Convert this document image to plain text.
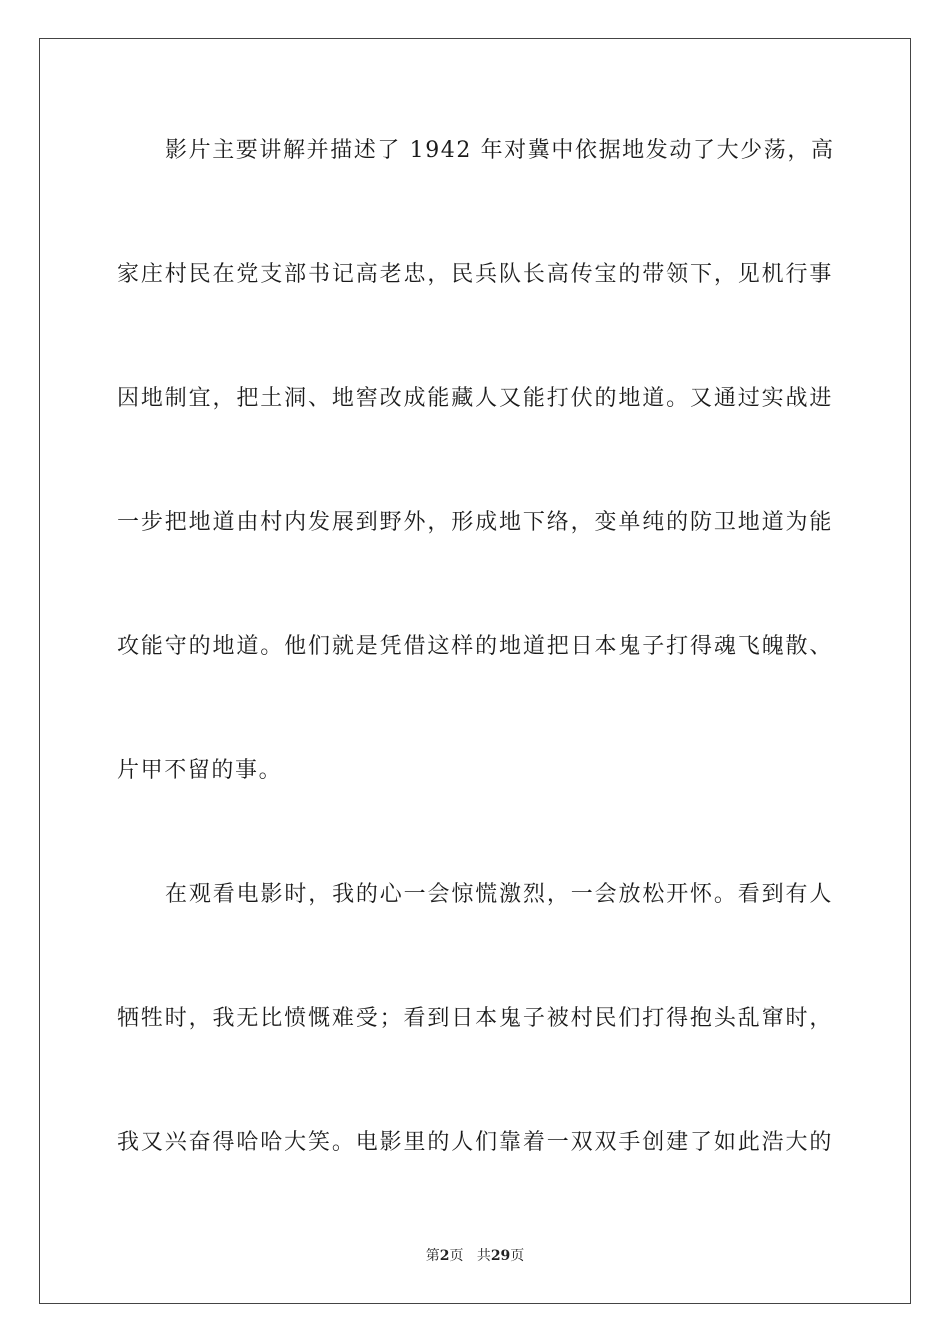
影片主要讲解并描述了 1942 年对冀中依据地发动了大少荡，高
家庄村民在党支部书记高老忠，民兵队长高传宝的带领下，见机行事
因地制宜，把土洞、地窖改成能藏人又能打伏的地道。又通过实战进
一步把地道由村内发展到野外，形成地下络，变单纯的防卫地道为能
攻能守的地道。他们就是凭借这样的地道把日本鬼子打得魂飞魄散、
片甲不留的事。
在观看电影时，我的心一会惊慌激烈，一会放松开怀。看到有人
牺牲时，我无比愤慨难受；看到日本鬼子被村民们打得抱头乱窜时，
我又兴奋得哈哈大笑。电影里的人们靠着一双双手创建了如此浩大的
第2页 共29页
